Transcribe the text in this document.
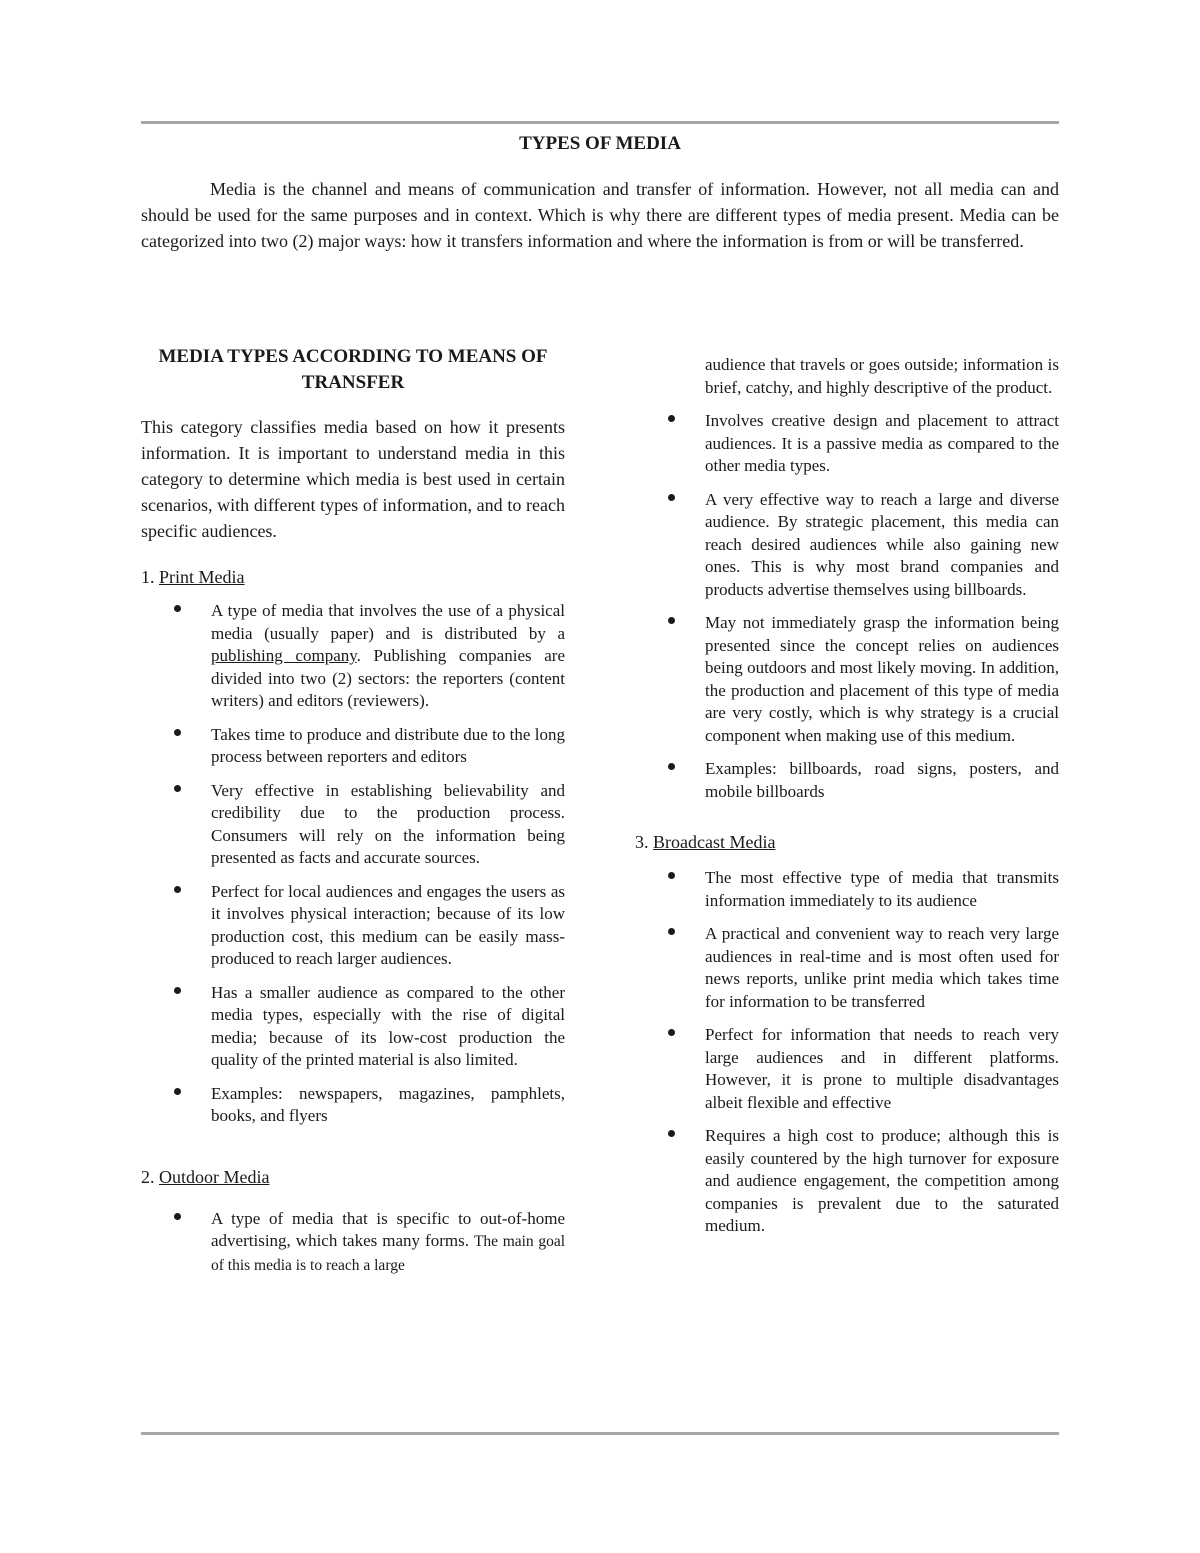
TYPES OF MEDIA

Media is the channel and means of communication and transfer of information. However, not all media can and should be used for the same purposes and in context. Which is why there are different types of media present. Media can be categorized into two (2) major ways: how it transfers information and where the information is from or will be transferred.

MEDIA TYPES ACCORDING TO MEANS OF TRANSFER

This category classifies media based on how it presents information. It is important to understand media in this category to determine which media is best used in certain scenarios, with different types of information, and to reach specific audiences.

1. Print Media
A type of media that involves the use of a physical media (usually paper) and is distributed by a publishing company. Publishing companies are divided into two (2) sectors: the reporters (content writers) and editors (reviewers).
Takes time to produce and distribute due to the long process between reporters and editors
Very effective in establishing believability and credibility due to the production process. Consumers will rely on the information being presented as facts and accurate sources.
Perfect for local audiences and engages the users as it involves physical interaction; because of its low production cost, this medium can be easily mass-produced to reach larger audiences.
Has a smaller audience as compared to the other media types, especially with the rise of digital media; because of its low-cost production the quality of the printed material is also limited.
Examples: newspapers, magazines, pamphlets, books, and flyers
2. Outdoor Media
A type of media that is specific to out-of-home advertising, which takes many forms. The main goal of this media is to reach a large

audience that travels or goes outside; information is brief, catchy, and highly descriptive of the product.

Involves creative design and placement to attract audiences. It is a passive media as compared to the other media types.
A very effective way to reach a large and diverse audience. By strategic placement, this media can reach desired audiences while also gaining new ones. This is why most brand companies and products advertise themselves using billboards.
May not immediately grasp the information being presented since the concept relies on audiences being outdoors and most likely moving. In addition, the production and placement of this type of media are very costly, which is why strategy is a crucial component when making use of this medium.
Examples: billboards, road signs, posters, and mobile billboards
3. Broadcast Media
The most effective type of media that transmits information immediately to its audience
A practical and convenient way to reach very large audiences in real-time and is most often used for news reports, unlike print media which takes time for information to be transferred
Perfect for information that needs to reach very large audiences and in different platforms. However, it is prone to multiple disadvantages albeit flexible and effective
Requires a high cost to produce; although this is easily countered by the high turnover for exposure and audience engagement, the competition among companies is prevalent due to the saturated medium.
